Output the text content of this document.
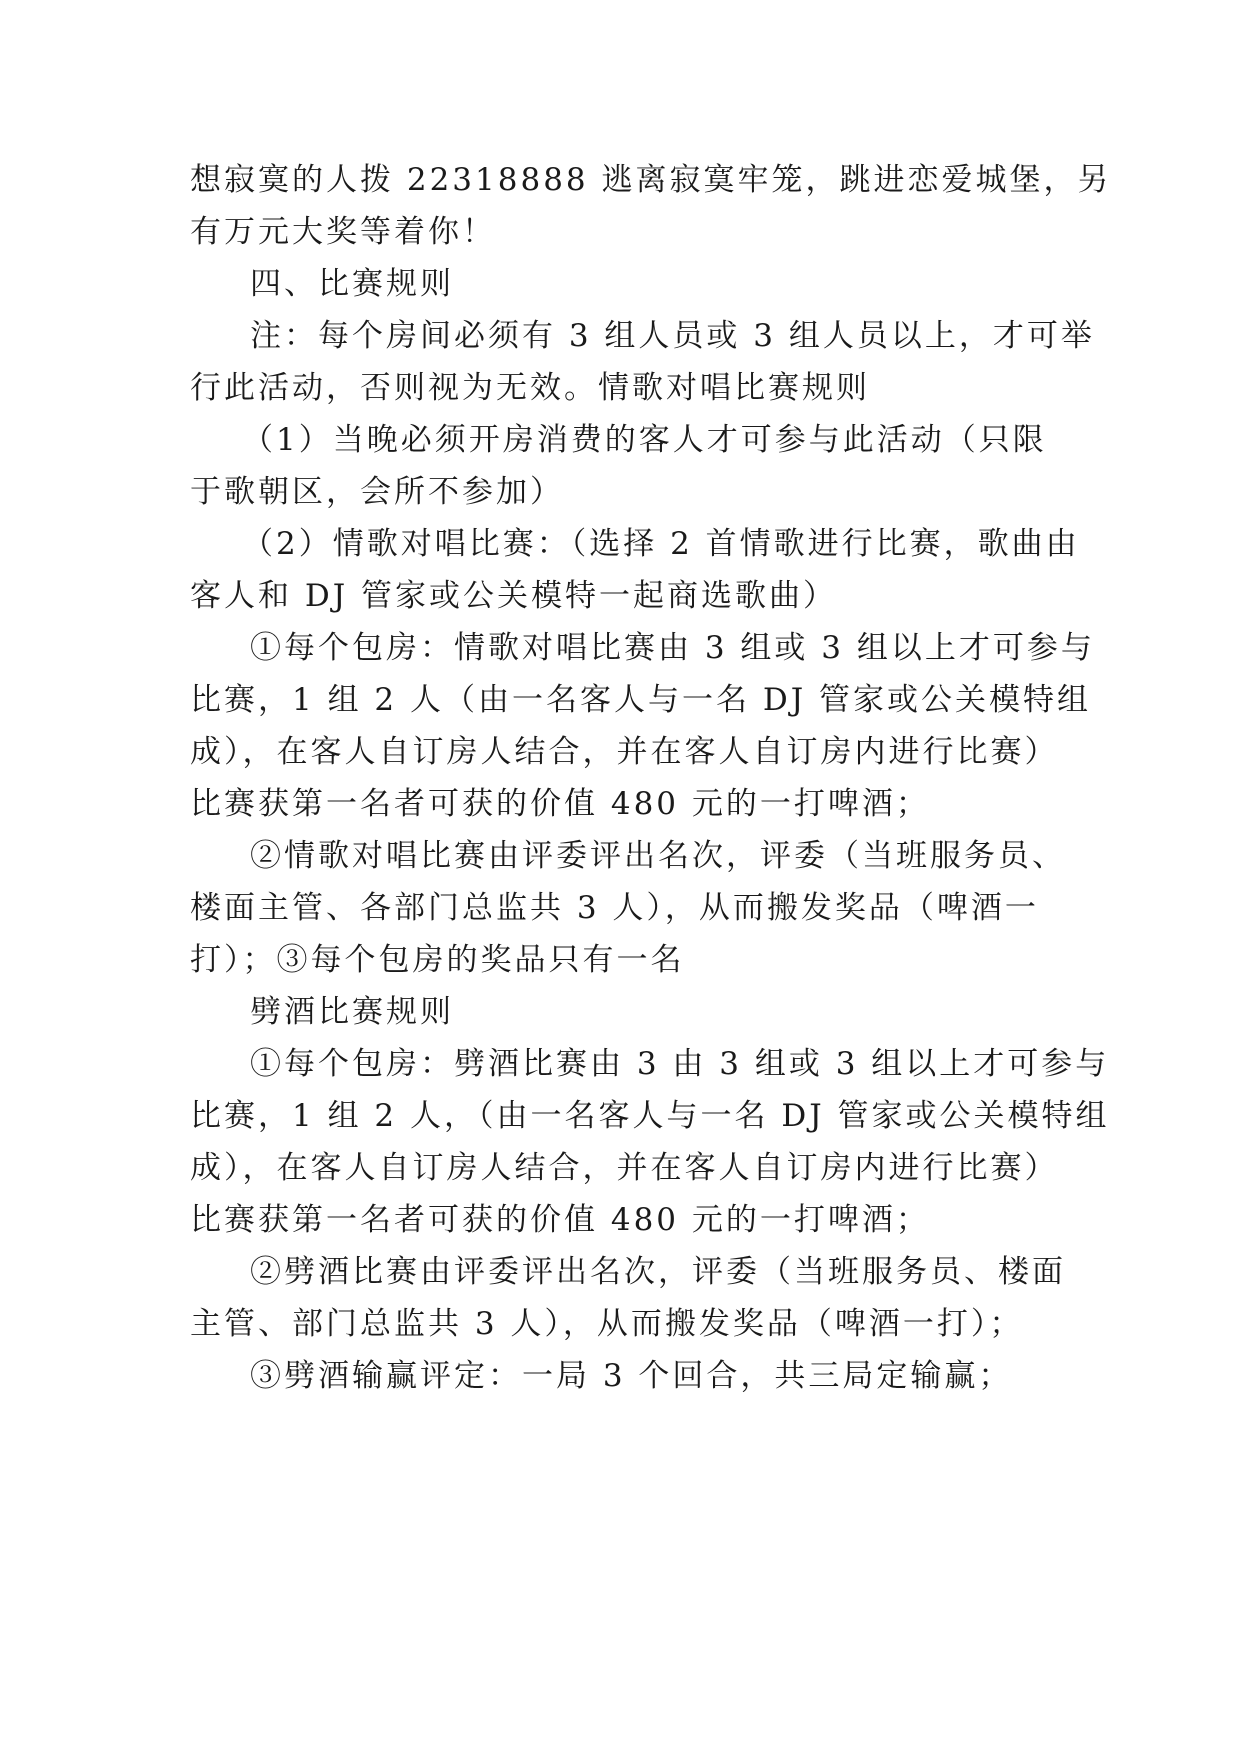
想寂寞的人拨 22318888 逃离寂寞牢笼，跳进恋爱城堡，另
有万元大奖等着你！
四、比赛规则
注：每个房间必须有 3 组人员或 3 组人员以上，才可举
行此活动，否则视为无效。情歌对唱比赛规则
（1）当晚必须开房消费的客人才可参与此活动（只限
于歌朝区，会所不参加）
（2）情歌对唱比赛：（选择 2 首情歌进行比赛，歌曲由
客人和 DJ 管家或公关模特一起商选歌曲）
①每个包房：情歌对唱比赛由 3 组或 3 组以上才可参与
比赛，1 组 2 人（由一名客人与一名 DJ 管家或公关模特组
成），在客人自订房人结合，并在客人自订房内进行比赛）
比赛获第一名者可获的价值 480 元的一打啤酒；
②情歌对唱比赛由评委评出名次，评委（当班服务员、
楼面主管、各部门总监共 3 人），从而搬发奖品（啤酒一
打）；③每个包房的奖品只有一名
劈酒比赛规则
①每个包房：劈酒比赛由 3 由 3 组或 3 组以上才可参与
比赛，1 组 2 人，（由一名客人与一名 DJ 管家或公关模特组
成），在客人自订房人结合，并在客人自订房内进行比赛）
比赛获第一名者可获的价值 480 元的一打啤酒；
②劈酒比赛由评委评出名次，评委（当班服务员、楼面
主管、部门总监共 3 人），从而搬发奖品（啤酒一打）；
③劈酒输赢评定：一局 3 个回合，共三局定输赢；
